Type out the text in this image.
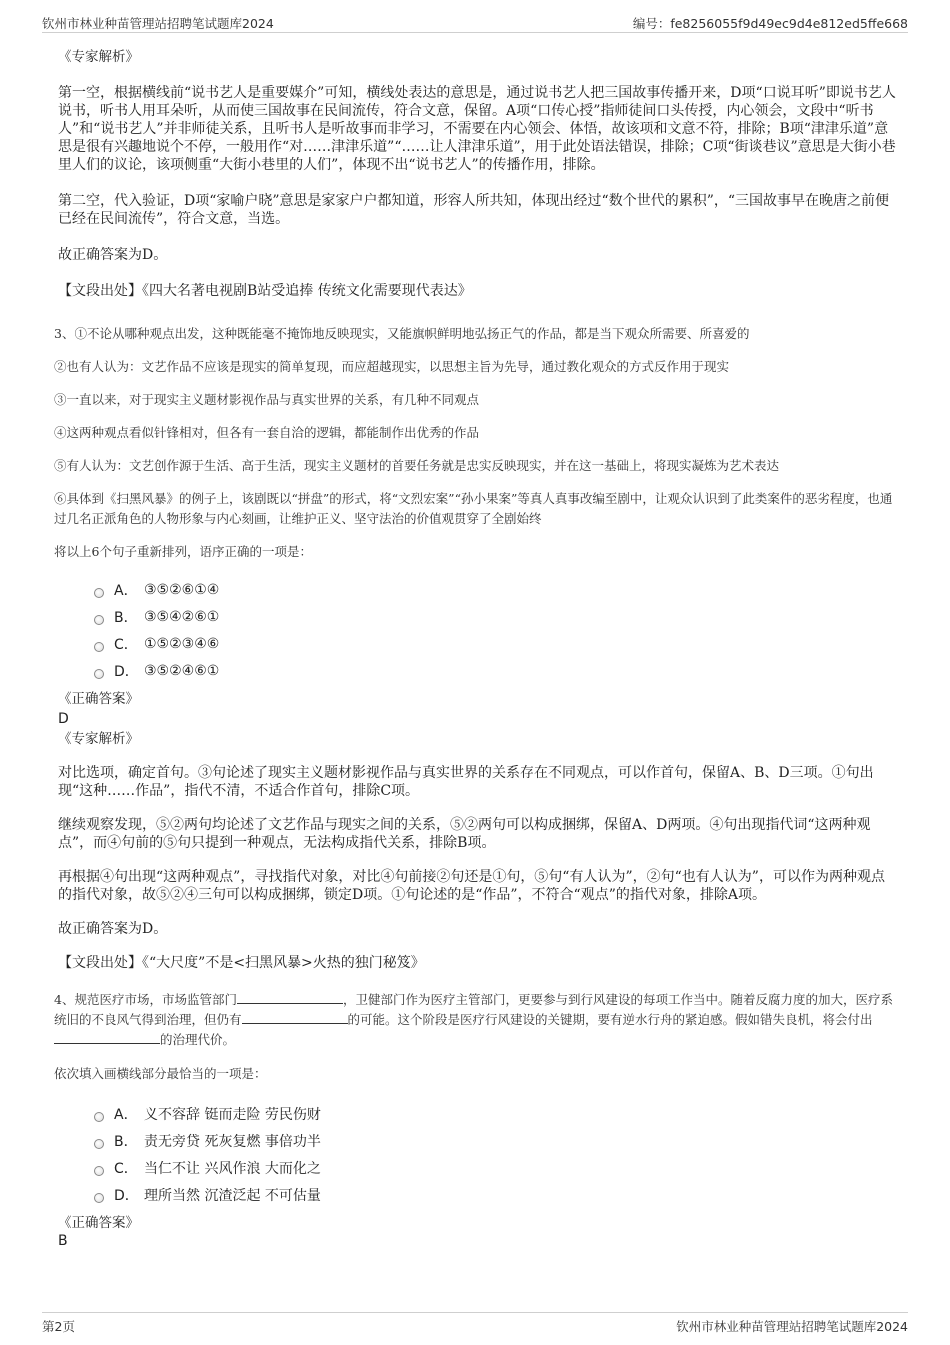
钦州市林业种苗管理站招聘笔试题库2024	编号：fe8256055f9d49ec9d4e812ed5ffe668

《专家解析》

第一空，根据横线前“说书艺人是重要媒介”可知，横线处表达的意思是，通过说书艺人把三国故事传播开来，D项“口说耳听”即说书艺人说书，听书人用耳朵听，从而使三国故事在民间流传，符合文意，保留。A项“口传心授”指师徒间口头传授，内心领会，文段中“听书人”和“说书艺人”并非师徒关系，且听书人是听故事而非学习，不需要在内心领会、体悟，故该项和文意不符，排除；B项“津津乐道”意思是很有兴趣地说个不停，一般用作“对……津津乐道”“……让人津津乐道”，用于此处语法错误，排除；C项“街谈巷议”意思是大街小巷里人们的议论，该项侧重“大街小巷里的人们”，体现不出“说书艺人”的传播作用，排除。

第二空，代入验证，D项“家喻户晓”意思是家家户户都知道，形容人所共知，体现出经过“数个世代的累积”，“三国故事早在晚唐之前便已经在民间流传”，符合文意，当选。

故正确答案为D。

【文段出处】《四大名著电视剧B站受追捧 传统文化需要现代表达》

3、①不论从哪种观点出发，这种既能毫不掩饰地反映现实，又能旗帜鲜明地弘扬正气的作品，都是当下观众所需要、所喜爱的

②也有人认为：文艺作品不应该是现实的简单复现，而应超越现实，以思想主旨为先导，通过教化观众的方式反作用于现实

③一直以来，对于现实主义题材影视作品与真实世界的关系，有几种不同观点

④这两种观点看似针锋相对，但各有一套自洽的逻辑，都能制作出优秀的作品

⑤有人认为：文艺创作源于生活、高于生活，现实主义题材的首要任务就是忠实反映现实，并在这一基础上，将现实凝炼为艺术表达

⑥具体到《扫黑风暴》的例子上，该剧既以“拼盘”的形式，将“文烈宏案”“孙小果案”等真人真事改编至剧中，让观众认识到了此类案件的恶劣程度，也通过几名正派角色的人物形象与内心刻画，让维护正义、坚守法治的价值观贯穿了全剧始终

将以上6个句子重新排列，语序正确的一项是：

A． ③⑤②⑥①④
B． ③⑤④②⑥①
C． ①⑤②③④⑥
D． ③⑤②④⑥①

《正确答案》

D

《专家解析》

对比选项，确定首句。③句论述了现实主义题材影视作品与真实世界的关系存在不同观点，可以作首句，保留A、B、D三项。①句出现“这种……作品”，指代不清，不适合作首句，排除C项。

继续观察发现，⑤②两句均论述了文艺作品与现实之间的关系，⑤②两句可以构成捆绑，保留A、D两项。④句出现指代词“这两种观点”，而④句前的⑤句只提到一种观点，无法构成指代关系，排除B项。

再根据④句出现“这两种观点”，寻找指代对象，对比④句前接②句还是①句，⑤句“有人认为”，②句“也有人认为”，可以作为两种观点的指代对象，故⑤②④三句可以构成捆绑，锁定D项。①句论述的是“作品”，不符合“观点”的指代对象，排除A项。

故正确答案为D。

【文段出处】《“大尺度”不是<扫黑风暴>火热的独门秘笈》

4、规范医疗市场，市场监管部门	，卫健部门作为医疗主管部门，更要参与到行风建设的每项工作当中。随着反腐力度的加大，医疗系统旧的不良风气得到治理，但仍有	的可能。这个阶段是医疗行风建设的关键期，要有逆水行舟的紧迫感。假如错失良机，将会付出的治理代价。

依次填入画横线部分最恰当的一项是：

A． 义不容辞 铤而走险 劳民伤财
B． 责无旁贷 死灰复燃 事倍功半
C． 当仁不让 兴风作浪 大而化之
D． 理所当然 沉渣泛起 不可估量

《正确答案》

B

第2页	钦州市林业种苗管理站招聘笔试题库2024
